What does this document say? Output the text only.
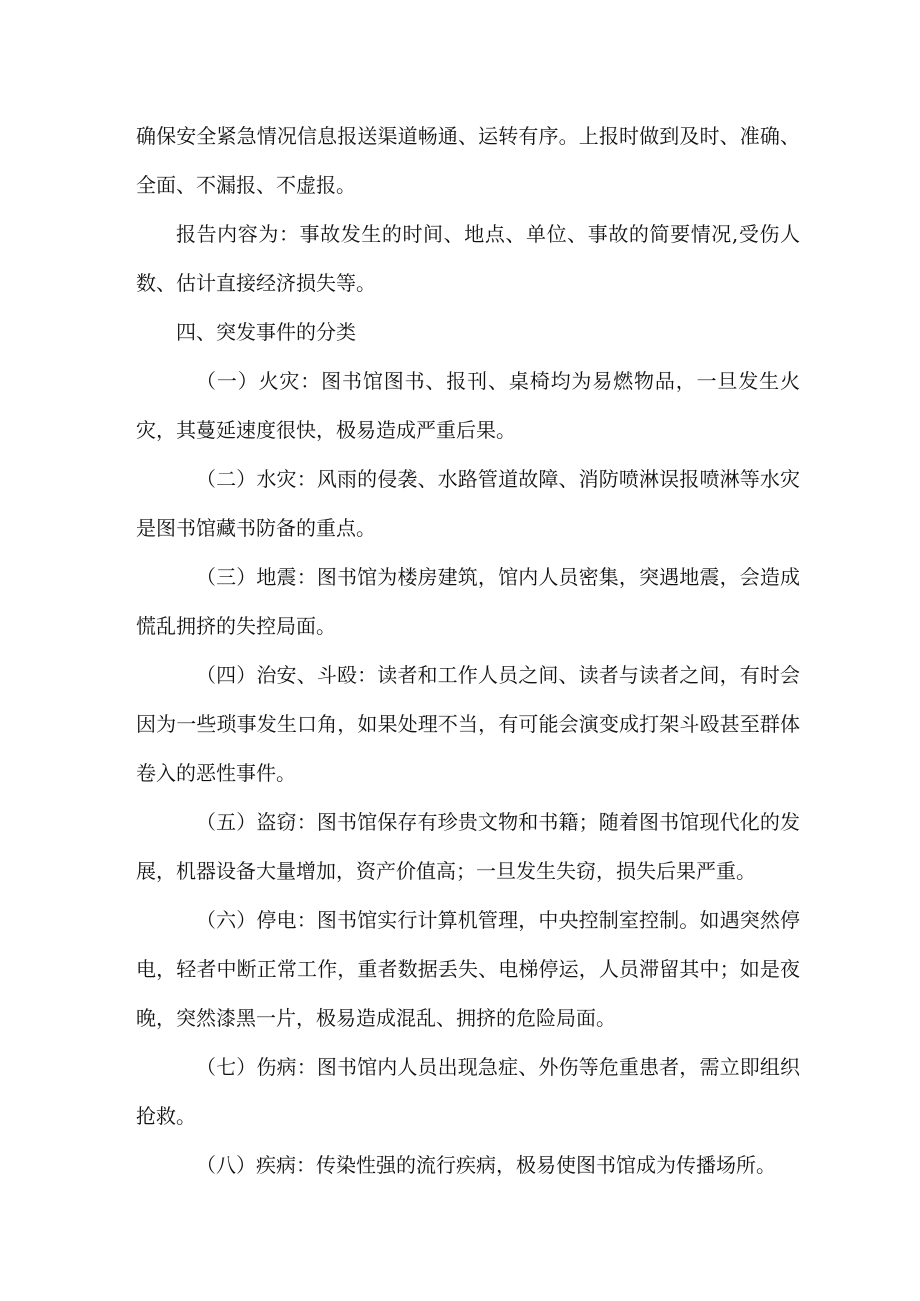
确保安全紧急情况信息报送渠道畅通、运转有序。上报时做到及时、准确、全面、不漏报、不虚报。

报告内容为：事故发生的时间、地点、单位、事故的简要情况,受伤人数、估计直接经济损失等。

四、突发事件的分类

（一）火灾：图书馆图书、报刊、桌椅均为易燃物品，一旦发生火灾，其蔓延速度很快，极易造成严重后果。

（二）水灾：风雨的侵袭、水路管道故障、消防喷淋误报喷淋等水灾是图书馆藏书防备的重点。

（三）地震：图书馆为楼房建筑，馆内人员密集，突遇地震，会造成慌乱拥挤的失控局面。

（四）治安、斗殴：读者和工作人员之间、读者与读者之间，有时会因为一些琐事发生口角，如果处理不当，有可能会演变成打架斗殴甚至群体卷入的恶性事件。

（五）盗窃：图书馆保存有珍贵文物和书籍；随着图书馆现代化的发展，机器设备大量增加，资产价值高；一旦发生失窃，损失后果严重。

（六）停电：图书馆实行计算机管理，中央控制室控制。如遇突然停电，轻者中断正常工作，重者数据丢失、电梯停运，人员滞留其中；如是夜晚，突然漆黑一片，极易造成混乱、拥挤的危险局面。

（七）伤病：图书馆内人员出现急症、外伤等危重患者，需立即组织抢救。

（八）疾病：传染性强的流行疾病，极易使图书馆成为传播场所。
